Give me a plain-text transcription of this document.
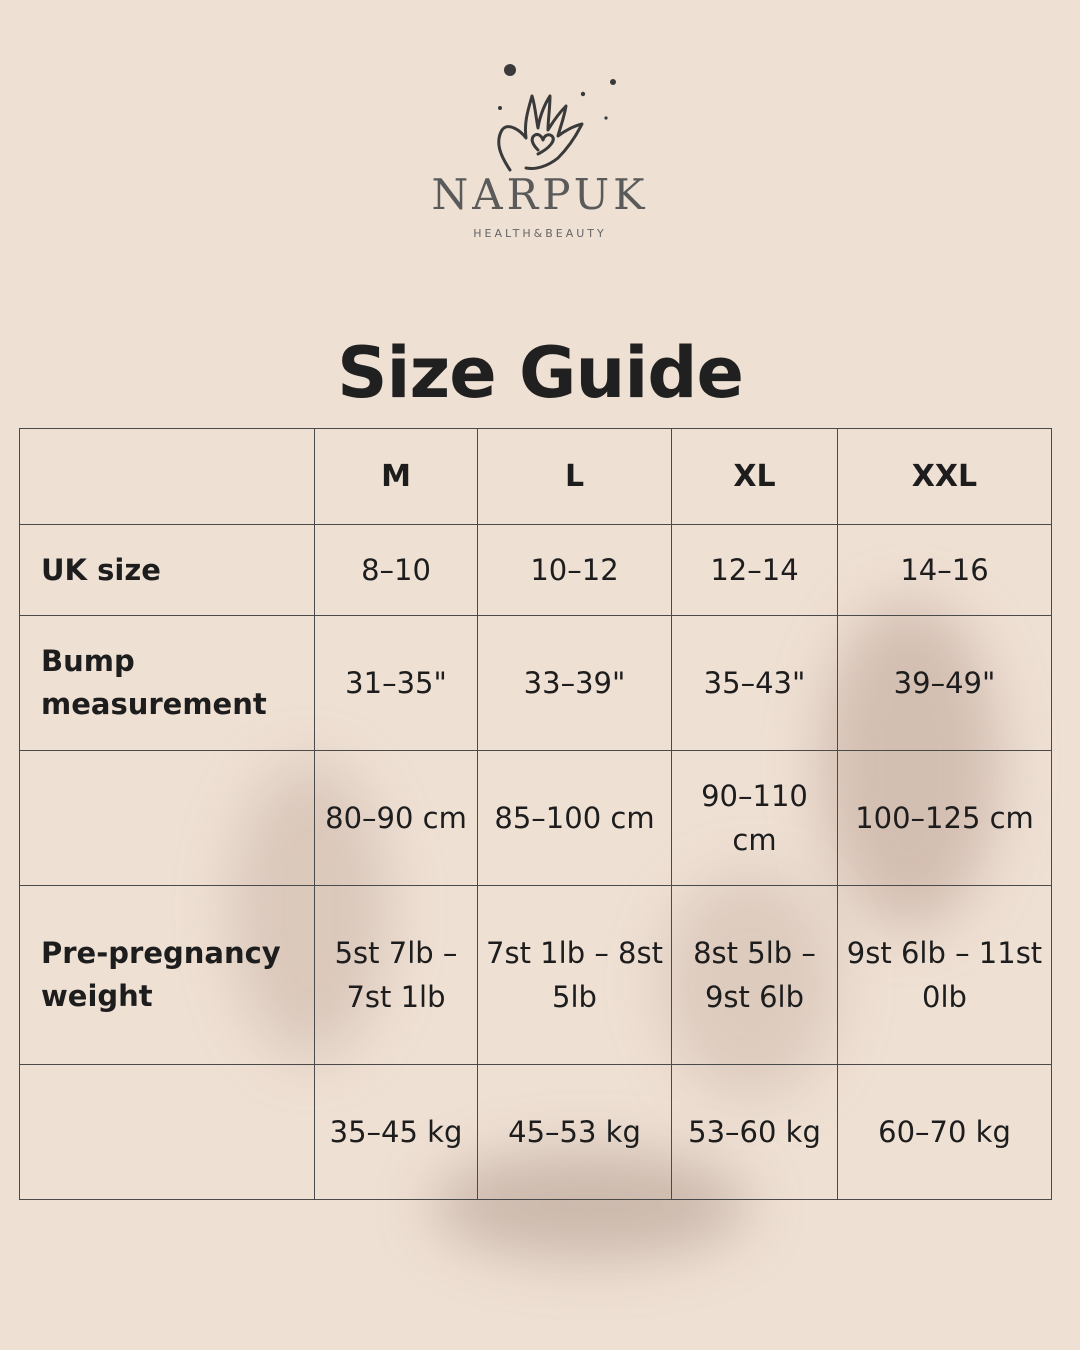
NARPUK
HEALTH&BEAUTY
Size Guide
	M	L	XL	XXL
UK size	8–10	10–12	12–14	14–16
Bump measurement	31–35"	33–39"	35–43"	39–49"
	80–90 cm	85–100 cm	90–110 cm	100–125 cm
Pre-pregnancy weight	5st 7lb – 7st 1lb	7st 1lb – 8st 5lb	8st 5lb – 9st 6lb	9st 6lb – 11st 0lb
	35–45 kg	45–53 kg	53–60 kg	60–70 kg
